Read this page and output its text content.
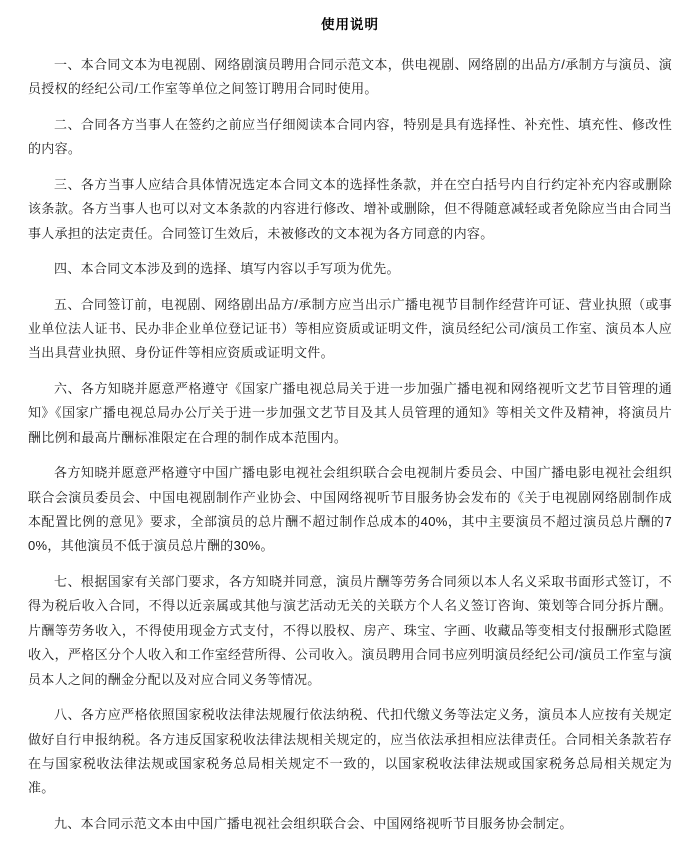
使用说明

一、本合同文本为电视剧、网络剧演员聘用合同示范文本，供电视剧、网络剧的出品方/承制方与演员、演员授权的经纪公司/工作室等单位之间签订聘用合同时使用。

二、合同各方当事人在签约之前应当仔细阅读本合同内容，特别是具有选择性、补充性、填充性、修改性的内容。

三、各方当事人应结合具体情况选定本合同文本的选择性条款，并在空白括号内自行约定补充内容或删除该条款。各方当事人也可以对文本条款的内容进行修改、增补或删除，但不得随意减轻或者免除应当由合同当事人承担的法定责任。合同签订生效后，未被修改的文本视为各方同意的内容。

四、本合同文本涉及到的选择、填写内容以手写项为优先。

五、合同签订前，电视剧、网络剧出品方/承制方应当出示广播电视节目制作经营许可证、营业执照（或事业单位法人证书、民办非企业单位登记证书）等相应资质或证明文件，演员经纪公司/演员工作室、演员本人应当出具营业执照、身份证件等相应资质或证明文件。

六、各方知晓并愿意严格遵守《国家广播电视总局关于进一步加强广播电视和网络视听文艺节目管理的通知》《国家广播电视总局办公厅关于进一步加强文艺节目及其人员管理的通知》等相关文件及精神，将演员片酬比例和最高片酬标准限定在合理的制作成本范围内。

各方知晓并愿意严格遵守中国广播电影电视社会组织联合会电视制片委员会、中国广播电影电视社会组织联合会演员委员会、中国电视剧制作产业协会、中国网络视听节目服务协会发布的《关于电视剧网络剧制作成本配置比例的意见》要求，全部演员的总片酬不超过制作总成本的40%，其中主要演员不超过演员总片酬的70%，其他演员不低于演员总片酬的30%。

七、根据国家有关部门要求，各方知晓并同意，演员片酬等劳务合同须以本人名义采取书面形式签订，不得为税后收入合同，不得以近亲属或其他与演艺活动无关的关联方个人名义签订咨询、策划等合同分拆片酬。片酬等劳务收入，不得使用现金方式支付，不得以股权、房产、珠宝、字画、收藏品等变相支付报酬形式隐匿收入，严格区分个人收入和工作室经营所得、公司收入。演员聘用合同书应列明演员经纪公司/演员工作室与演员本人之间的酬金分配以及对应合同义务等情况。

八、各方应严格依照国家税收法律法规履行依法纳税、代扣代缴义务等法定义务，演员本人应按有关规定做好自行申报纳税。各方违反国家税收法律法规相关规定的，应当依法承担相应法律责任。合同相关条款若存在与国家税收法律法规或国家税务总局相关规定不一致的，以国家税收法律法规或国家税务总局相关规定为准。

九、本合同示范文本由中国广播电视社会组织联合会、中国网络视听节目服务协会制定。
